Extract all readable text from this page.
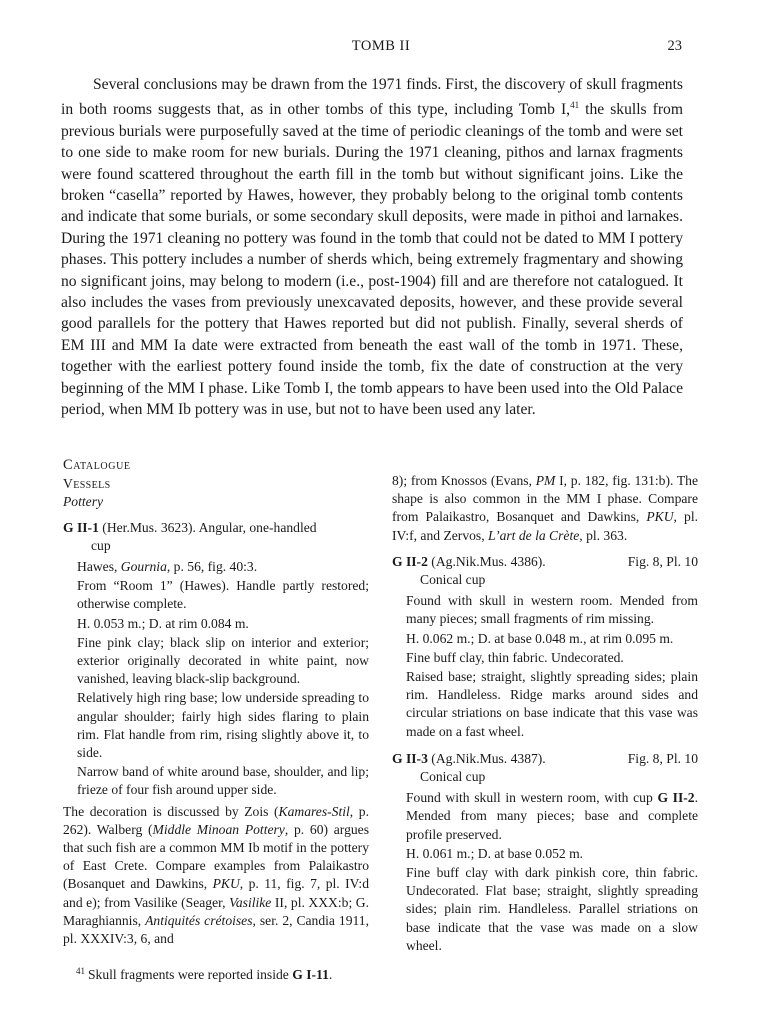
TOMB II	23

Several conclusions may be drawn from the 1971 finds. First, the discovery of skull fragments in both rooms suggests that, as in other tombs of this type, including Tomb I,$^{41}$ the skulls from previous burials were purposefully saved at the time of periodic cleanings of the tomb and were set to one side to make room for new burials. During the 1971 cleaning, pithos and larnax fragments were found scattered throughout the earth fill in the tomb but without significant joins. Like the broken “casella” reported by Hawes, however, they probably belong to the original tomb contents and indicate that some burials, or some secondary skull deposits, were made in pithoi and larnakes. During the 1971 cleaning no pottery was found in the tomb that could not be dated to MM I pottery phases. This pottery includes a number of sherds which, being extremely fragmentary and showing no significant joins, may belong to modern (i.e., post-1904) fill and are therefore not catalogued. It also includes the vases from previously unexcavated deposits, however, and these provide several good parallels for the pottery that Hawes reported but did not publish. Finally, several sherds of EM III and MM Ia date were extracted from beneath the east wall of the tomb in 1971. These, together with the earliest pottery found inside the tomb, fix the date of construction at the very beginning of the MM I phase. Like Tomb I, the tomb appears to have been used into the Old Palace period, when MM Ib pottery was in use, but not to have been used any later.

Catalogue
Vessels
Pottery
G II-1 (Her.Mus. 3623). Angular, one-handled
cup

Hawes, Gournia, p. 56, fig. 40:3.

From “Room 1” (Hawes). Handle partly restored; otherwise complete.

H. 0.053 m.; D. at rim 0.084 m.

Fine pink clay; black slip on interior and exterior; exterior originally decorated in white paint, now vanished, leaving black-slip background.

Relatively high ring base; low underside spreading to angular shoulder; fairly high sides flaring to plain rim. Flat handle from rim, rising slightly above it, to side.

Narrow band of white around base, shoulder, and lip; frieze of four fish around upper side.

The decoration is discussed by Zois (Kamares-Stil, p. 262). Walberg (Middle Minoan Pottery, p. 60) argues that such fish are a common MM Ib motif in the pottery of East Crete. Compare examples from Palaikastro (Bosanquet and Dawkins, PKU, p. 11, fig. 7, pl. IV:d and e); from Vasilike (Seager, Vasilike II, pl. XXX:b; G. Maraghiannis, Antiquités crétoises, ser. 2, Candia 1911, pl. XXXIV:3, 6, and

8); from Knossos (Evans, PM I, p. 182, fig. 131:b). The shape is also common in the MM I phase. Compare from Palaikastro, Bosanquet and Dawkins, PKU, pl. IV:f, and Zervos, L’art de la Crète, pl. 363.

G II-2 (Ag.Nik.Mus. 4386).	Fig. 8, Pl. 10
Conical cup

Found with skull in western room. Mended from many pieces; small fragments of rim missing.

H. 0.062 m.; D. at base 0.048 m., at rim 0.095 m.

Fine buff clay, thin fabric. Undecorated.

Raised base; straight, slightly spreading sides; plain rim. Handleless. Ridge marks around sides and circular striations on base indicate that this vase was made on a fast wheel.

G II-3 (Ag.Nik.Mus. 4387).	Fig. 8, Pl. 10
Conical cup

Found with skull in western room, with cup G II-2. Mended from many pieces; base and complete profile preserved.

H. 0.061 m.; D. at base 0.052 m.

Fine buff clay with dark pinkish core, thin fabric. Undecorated. Flat base; straight, slightly spreading sides; plain rim. Handleless. Parallel striations on base indicate that the vase was made on a slow wheel.

$^{41}$ Skull fragments were reported inside G I-11.
